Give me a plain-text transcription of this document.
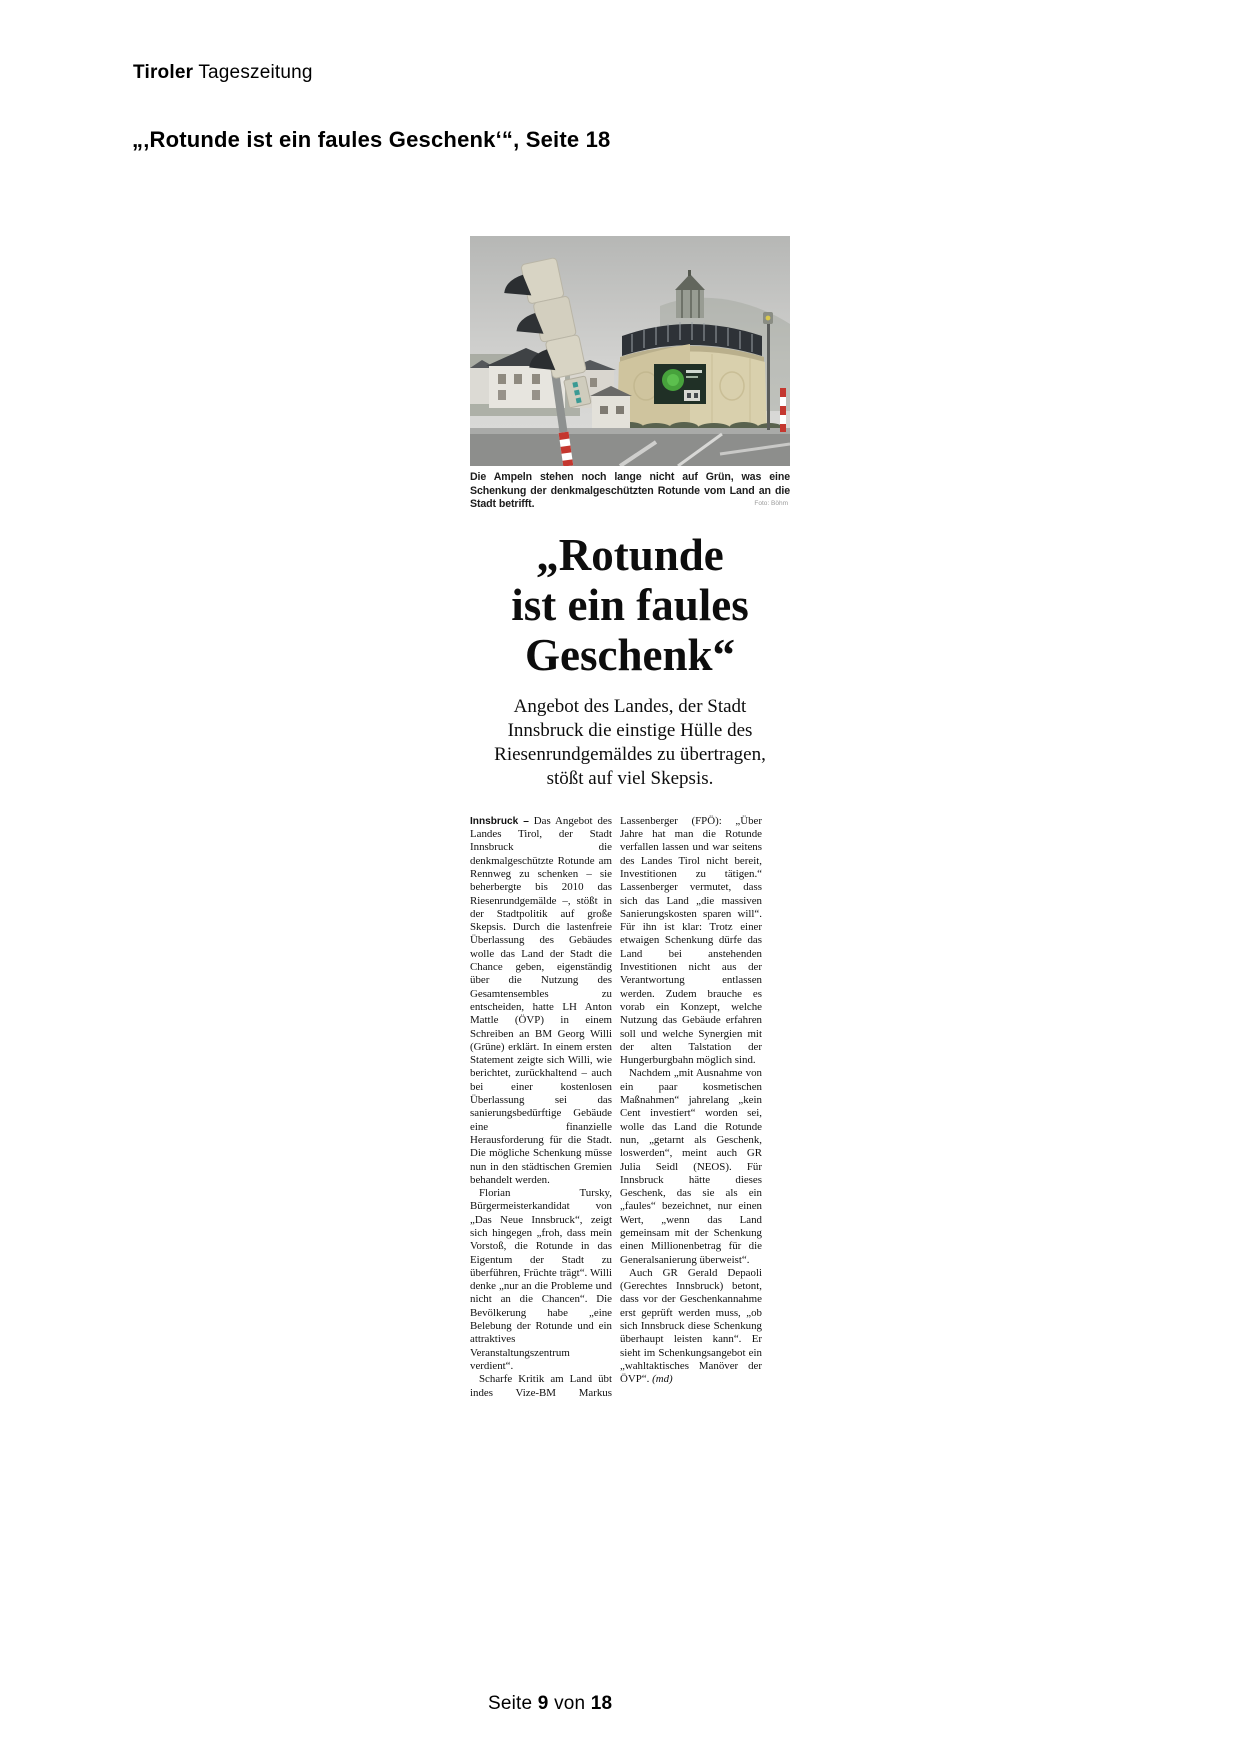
Tiroler Tageszeitung
„‚Rotunde ist ein faules Geschenk‘“, Seite 18

Die Ampeln stehen noch lange nicht auf Grün, was eine Schenkung der denkmalgeschützten Rotunde vom Land an die Stadt betrifft.	Foto: Böhm

„Rotunde
ist ein faules
Geschenk“
Angebot des Landes, der Stadt Innsbruck die einstige Hülle des Riesenrundgemäldes zu übertragen, stößt auf viel Skepsis.

Innsbruck – Das Angebot des Landes Tirol, der Stadt Innsbruck die denkmalgeschützte Rotunde am Rennweg zu schenken – sie beherbergte bis 2010 das Riesenrundgemälde –, stößt in der Stadtpolitik auf große Skepsis. Durch die lastenfreie Überlassung des Gebäudes wolle das Land der Stadt die Chance geben, eigenständig über die Nutzung des Gesamtensembles zu entscheiden, hatte LH Anton Mattle (ÖVP) in einem Schreiben an BM Georg Willi (Grüne) erklärt. In einem ersten Statement zeigte sich Willi, wie berichtet, zurückhaltend – auch bei einer kostenlosen Überlassung sei das sanierungsbedürftige Gebäude eine finanzielle Herausforderung für die Stadt. Die mögliche Schenkung müsse nun in den städtischen Gremien behandelt werden.

Florian Tursky, Bürgermeisterkandidat von „Das Neue Innsbruck“, zeigt sich hingegen „froh, dass mein Vorstoß, die Rotunde in das Eigentum der Stadt zu überführen, Früchte trägt“. Willi denke „nur an die Probleme und nicht an die Chancen“. Die Bevölkerung habe „eine Belebung der Rotunde und ein attraktives Veranstaltungszentrum verdient“.

Scharfe Kritik am Land übt indes Vize-BM Markus Lassenberger (FPÖ): „Über Jahre hat man die Rotunde verfallen lassen und war seitens des Landes Tirol nicht bereit, Investitionen zu tätigen.“ Lassenberger vermutet, dass sich das Land „die massiven Sanierungskosten sparen will“. Für ihn ist klar: Trotz einer etwaigen Schenkung dürfe das Land bei anstehenden Investitionen nicht aus der Verantwortung entlassen werden. Zudem brauche es vorab ein Konzept, welche Nutzung das Gebäude erfahren soll und welche Synergien mit der alten Talstation der Hungerburgbahn möglich sind.

Nachdem „mit Ausnahme von ein paar kosmetischen Maßnahmen“ jahrelang „kein Cent investiert“ worden sei, wolle das Land die Rotunde nun, „getarnt als Geschenk, loswerden“, meint auch GR Julia Seidl (NEOS). Für Innsbruck hätte dieses Geschenk, das sie als ein „faules“ bezeichnet, nur einen Wert, „wenn das Land gemeinsam mit der Schenkung einen Millionenbetrag für die Generalsanierung überweist“.

Auch GR Gerald Depaoli (Gerechtes Innsbruck) betont, dass vor der Geschenkannahme erst geprüft werden muss, „ob sich Innsbruck diese Schenkung überhaupt leisten kann“. Er sieht im Schenkungsangebot ein „wahltaktisches Manöver der ÖVP“. (md)

Seite 9 von 18
